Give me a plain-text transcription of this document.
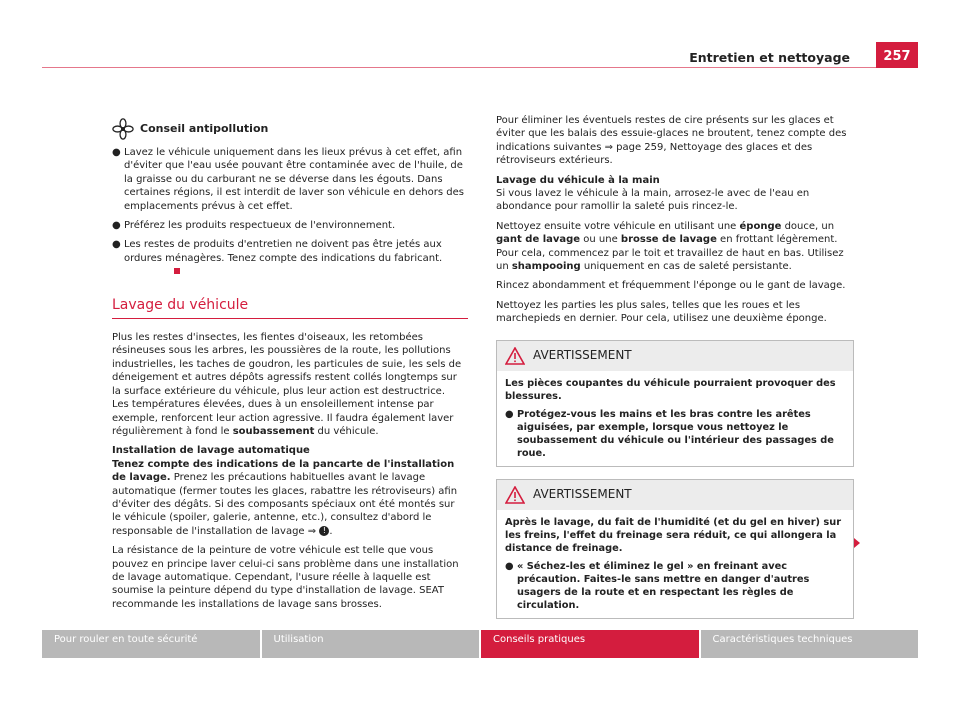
Entretien et nettoyage	257
Conseil antipollution
● Lavez le véhicule uniquement dans les lieux prévus à cet effet, afin d'éviter que l'eau usée pouvant être contaminée avec de l'huile, de la graisse ou du carburant ne se déverse dans les égouts. Dans certaines régions, il est interdit de laver son véhicule en dehors des emplacements prévus à cet effet.
● Préférez les produits respectueux de l'environnement.
● Les restes de produits d'entretien ne doivent pas être jetés aux ordures ménagères. Tenez compte des indications du fabricant.
Lavage du véhicule

Plus les restes d'insectes, les fientes d'oiseaux, les retombées résineuses sous les arbres, les poussières de la route, les pollutions industrielles, les taches de goudron, les particules de suie, les sels de déneigement et autres dépôts agressifs restent collés longtemps sur la surface extérieure du véhicule, plus leur action est destructrice. Les températures élevées, dues à un ensoleillement intense par exemple, renforcent leur action agressive. Il faudra également laver régulièrement à fond le soubassement du véhicule.

Installation de lavage automatique
Tenez compte des indications de la pancarte de l'installation de lavage. Prenez les précautions habituelles avant le lavage automatique (fermer toutes les glaces, rabattre les rétroviseurs) afin d'éviter des dégâts. Si des composants spéciaux ont été montés sur le véhicule (spoiler, galerie, antenne, etc.), consultez d'abord le responsable de l'installation de lavage ⇒ ! .

La résistance de la peinture de votre véhicule est telle que vous pouvez en principe laver celui-ci sans problème dans une installation de lavage automatique. Cependant, l'usure réelle à laquelle est soumise la peinture dépend du type d'installation de lavage. SEAT recommande les installations de lavage sans brosses.

Pour éliminer les éventuels restes de cire présents sur les glaces et éviter que les balais des essuie-glaces ne broutent, tenez compte des indications suivantes ⇒ page 259, Nettoyage des glaces et des rétroviseurs extérieurs.

Lavage du véhicule à la main

Si vous lavez le véhicule à la main, arrosez-le avec de l'eau en abondance pour ramollir la saleté puis rincez-le.

Nettoyez ensuite votre véhicule en utilisant une éponge douce, un gant de lavage ou une brosse de lavage en frottant légèrement. Pour cela, commencez par le toit et travaillez de haut en bas. Utilisez un shampooing uniquement en cas de saleté persistante.

Rincez abondamment et fréquemment l'éponge ou le gant de lavage.

Nettoyez les parties les plus sales, telles que les roues et les marchepieds en dernier. Pour cela, utilisez une deuxième éponge.

AVERTISSEMENT

Les pièces coupantes du véhicule pourraient provoquer des blessures.

● Protégez-vous les mains et les bras contre les arêtes aiguisées, par exemple, lorsque vous nettoyez le soubassement du véhicule ou l'intérieur des passages de roue.
AVERTISSEMENT

Après le lavage, du fait de l'humidité (et du gel en hiver) sur les freins, l'effet du freinage sera réduit, ce qui allongera la distance de freinage.

● « Séchez-les et éliminez le gel » en freinant avec précaution. Faites-le sans mettre en danger d'autres usagers de la route et en respectant les règles de circulation.
Pour rouler en toute sécurité	Utilisation	Conseils pratiques	Caractéristiques techniques
